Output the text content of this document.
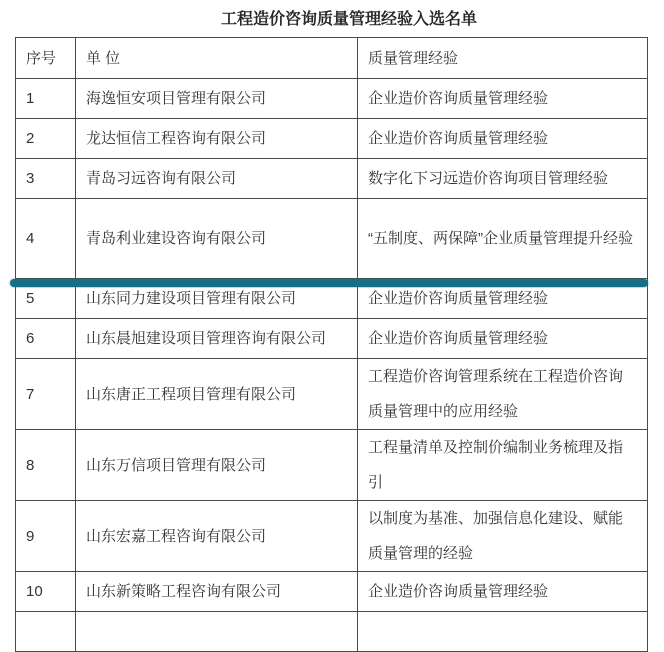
工程造价咨询质量管理经验入选名单
序号	单 位	质量管理经验
1	海逸恒安项目管理有限公司	企业造价咨询质量管理经验
2	龙达恒信工程咨询有限公司	企业造价咨询质量管理经验
3	青岛习远咨询有限公司	数字化下习远造价咨询项目管理经验
4	青岛利业建设咨询有限公司	“五制度、两保障”企业质量管理提升经验
5	山东同力建设项目管理有限公司	企业造价咨询质量管理经验
6	山东晨旭建设项目管理咨询有限公司	企业造价咨询质量管理经验
7	山东唐正工程项目管理有限公司	工程造价咨询管理系统在工程造价咨询质量管理中的应用经验
8	山东万信项目管理有限公司	工程量清单及控制价编制业务梳理及指引
9	山东宏嘉工程咨询有限公司	以制度为基准、加强信息化建设、赋能质量管理的经验
10	山东新策略工程咨询有限公司	企业造价咨询质量管理经验
